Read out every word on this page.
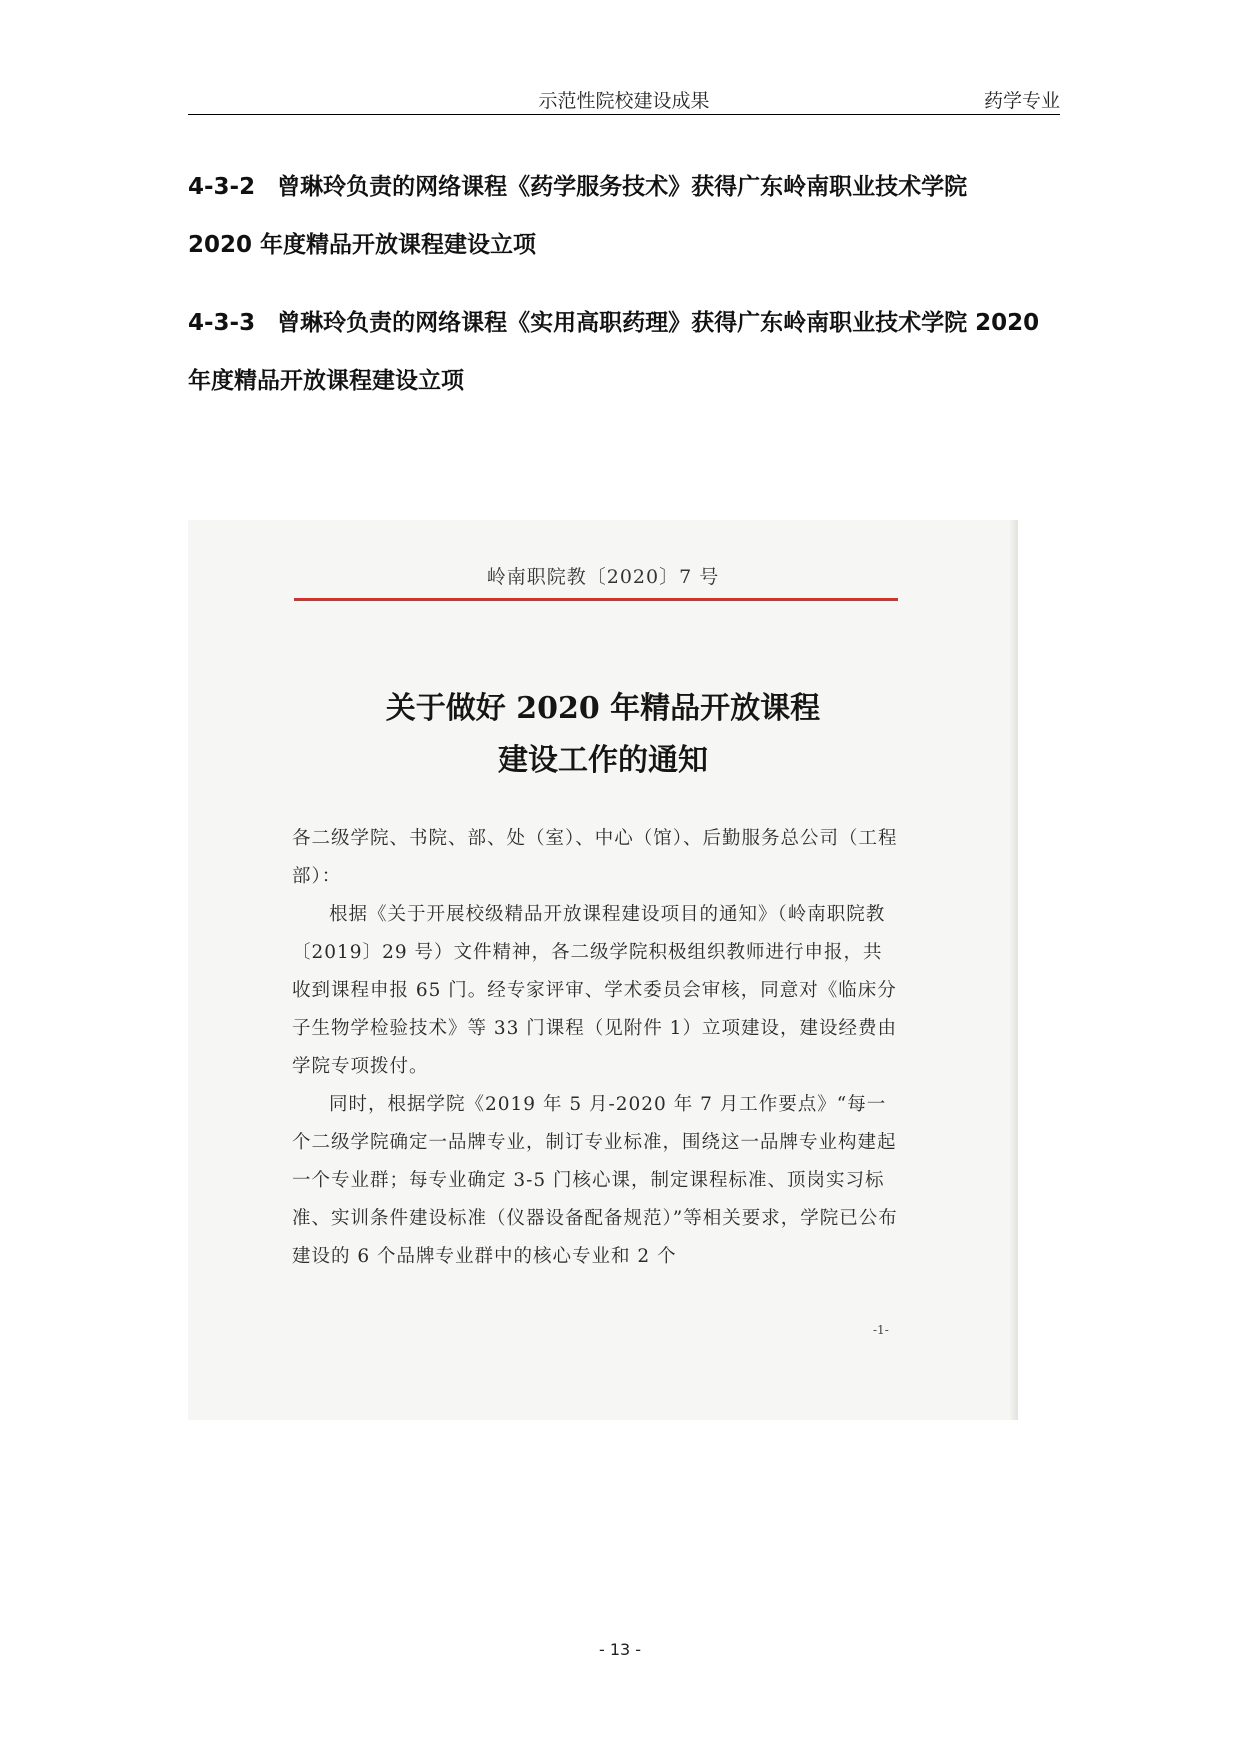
示范性院校建设成果	药学专业
4-3-2 曾琳玲负责的网络课程《药学服务技术》获得广东岭南职业技术学院
2020 年度精品开放课程建设立项
4-3-3 曾琳玲负责的网络课程《实用高职药理》获得广东岭南职业技术学院 2020
年度精品开放课程建设立项
岭南职院教〔2020〕7 号
关于做好 2020 年精品开放课程
建设工作的通知

各二级学院、书院、部、处（室）、中心（馆）、后勤服务总公司（工程部）：

根据《关于开展校级精品开放课程建设项目的通知》（岭南职院教〔2019〕29 号）文件精神，各二级学院积极组织教师进行申报，共收到课程申报 65 门。经专家评审、学术委员会审核，同意对《临床分子生物学检验技术》等 33 门课程（见附件 1）立项建设，建设经费由学院专项拨付。

同时，根据学院《2019 年 5 月-2020 年 7 月工作要点》“每一个二级学院确定一品牌专业，制订专业标准，围绕这一品牌专业构建起一个专业群；每专业确定 3-5 门核心课，制定课程标准、顶岗实习标准、实训条件建设标准（仪器设备配备规范）”等相关要求，学院已公布建设的 6 个品牌专业群中的核心专业和 2 个

-1-
- 13 -
